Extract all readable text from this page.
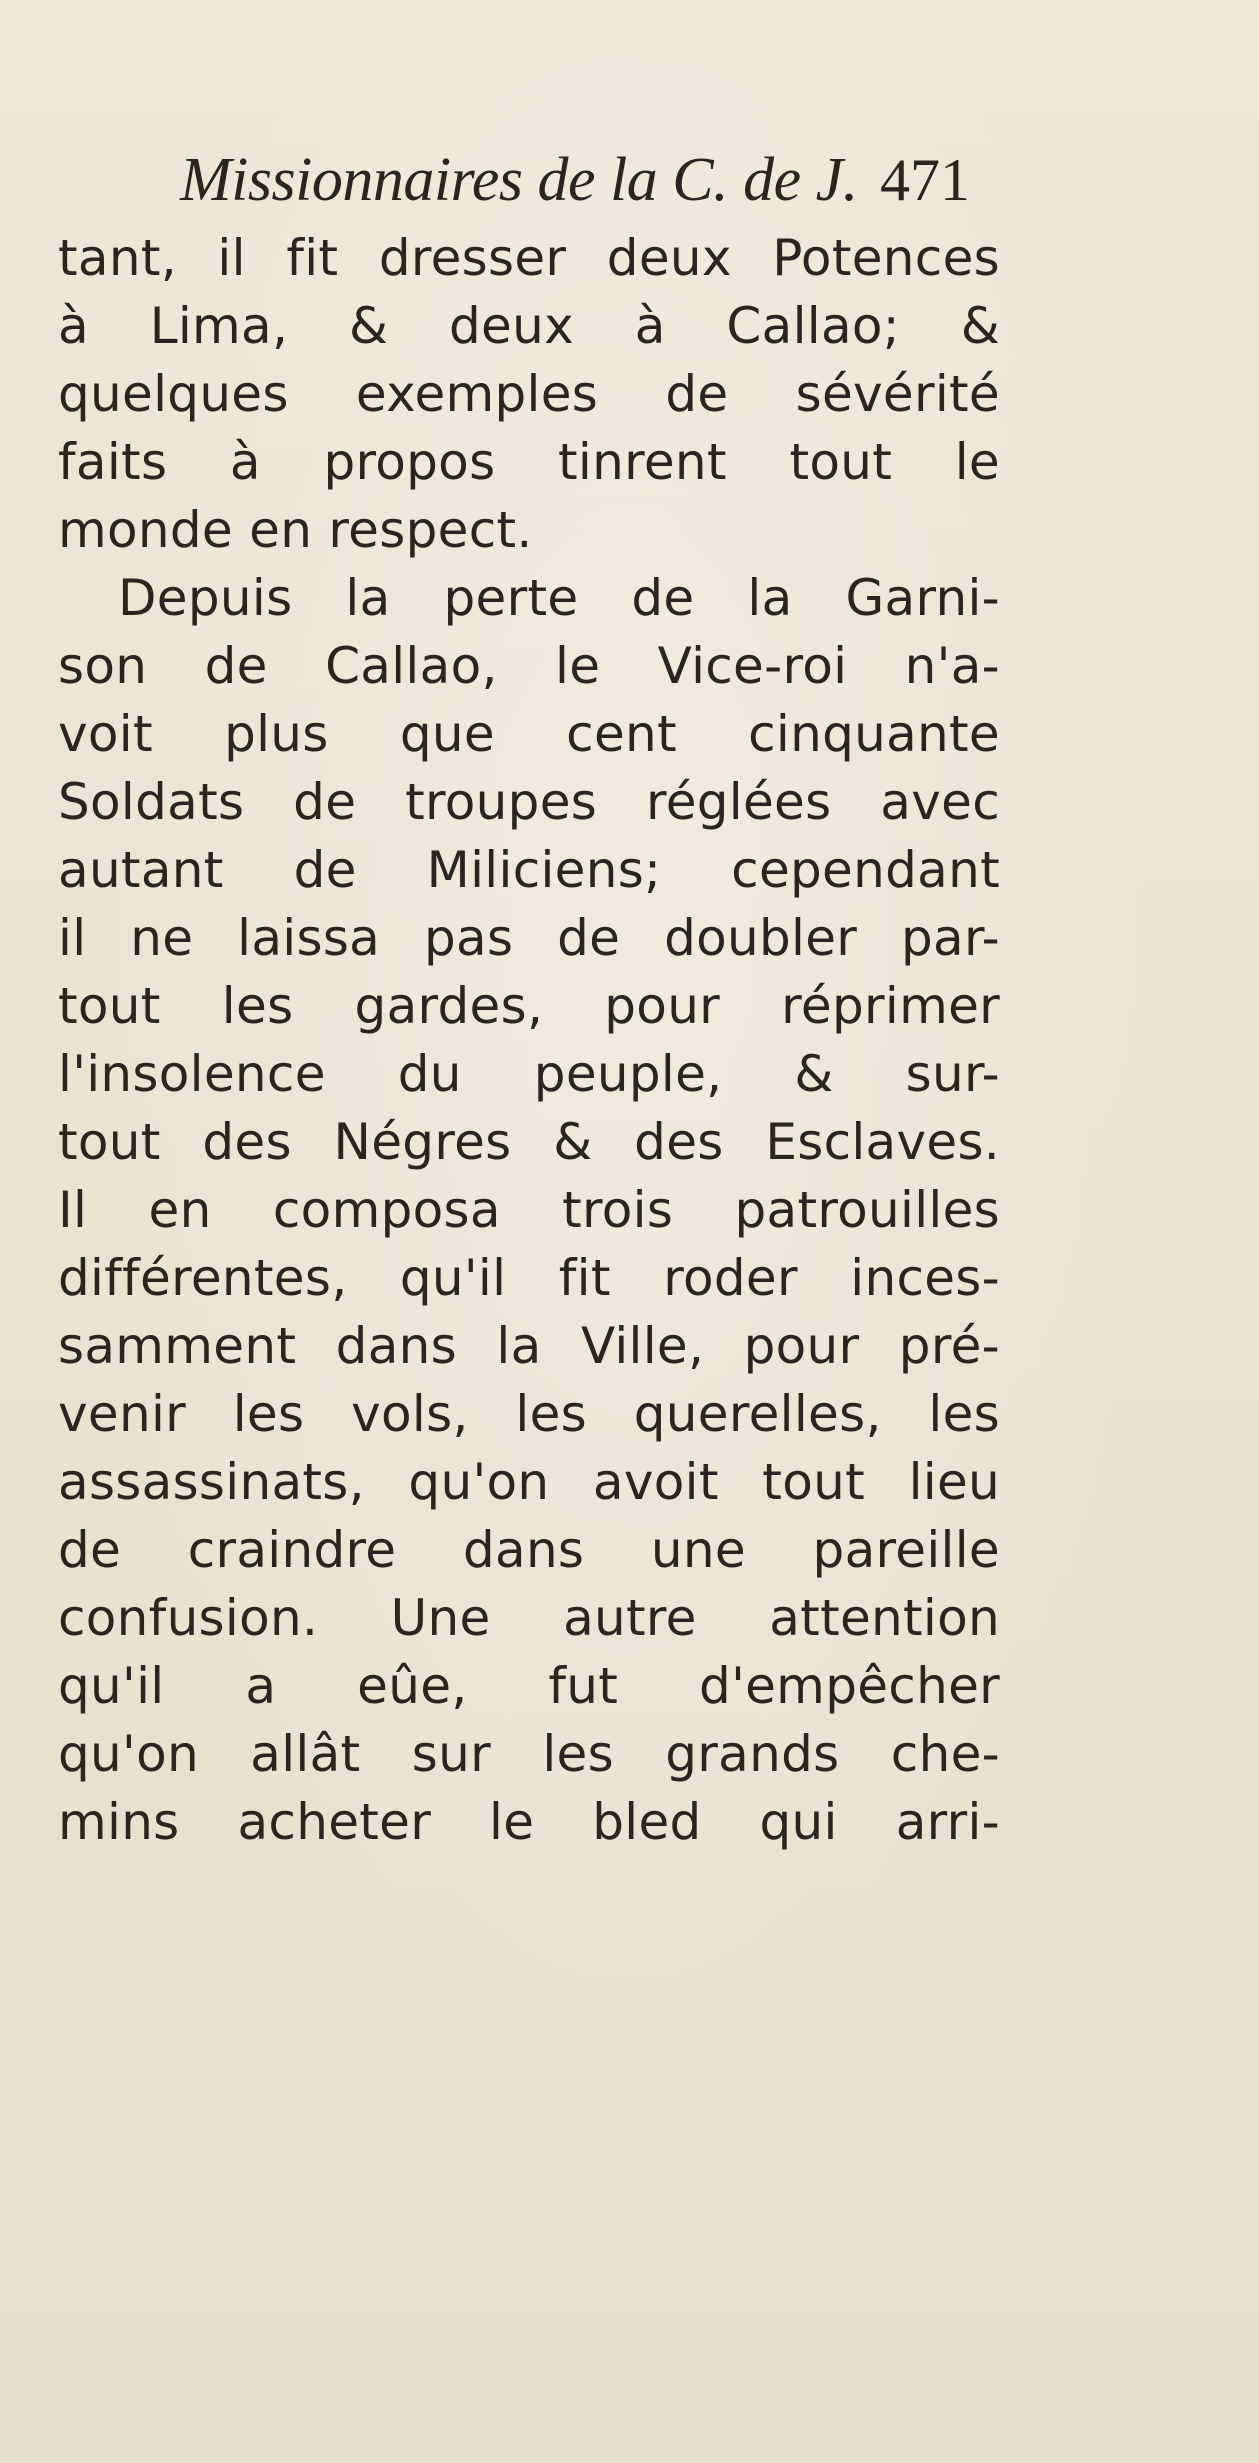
Missionnaires de la C. de J. 471
tant, il fit dresser deux Potences
à Lima, & deux à Callao; &
quelques exemples de sévérité
faits à propos tinrent tout le
monde en respect.
Depuis la perte de la Garni-
son de Callao, le Vice-roi n'a-
voit plus que cent cinquante
Soldats de troupes réglées avec
autant de Miliciens; cependant
il ne laissa pas de doubler par-
tout les gardes, pour réprimer
l'insolence du peuple, & sur-
tout des Négres & des Esclaves.
Il en composa trois patrouilles
différentes, qu'il fit roder inces-
samment dans la Ville, pour pré-
venir les vols, les querelles, les
assassinats, qu'on avoit tout lieu
de craindre dans une pareille
confusion. Une autre attention
qu'il a eûe, fut d'empêcher
qu'on allât sur les grands che-
mins acheter le bled qui arri-
